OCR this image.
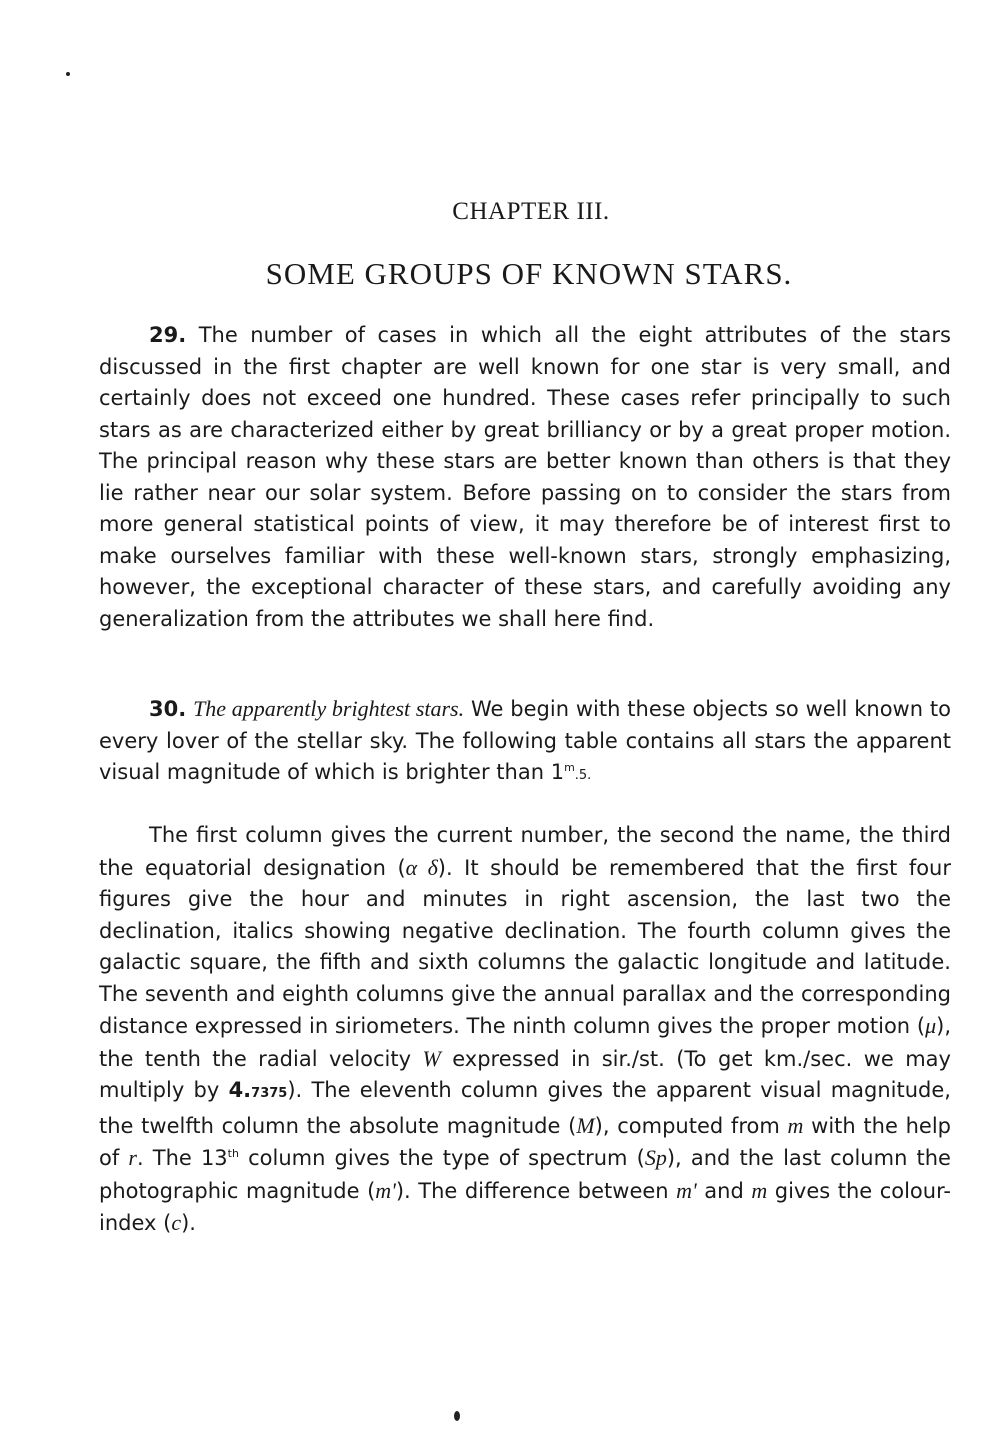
CHAPTER III.
SOME GROUPS OF KNOWN STARS.

29. The number of cases in which all the eight attributes of the stars discussed in the first chapter are well known for one star is very small, and certainly does not exceed one hundred. These cases refer principally to such stars as are characterized either by great brilliancy or by a great proper motion. The principal reason why these stars are better known than others is that they lie rather near our solar system. Before passing on to consider the stars from more general statistical points of view, it may therefore be of interest first to make ourselves familiar with these well-known stars, strongly emphasizing, however, the exceptional character of these stars, and carefully avoiding any generalization from the attributes we shall here find.

30. The apparently brightest stars. We begin with these objects so well known to every lover of the stellar sky. The following table contains all stars the apparent visual magnitude of which is brighter than 1$^m$.5.

The first column gives the current number, the second the name, the third the equatorial designation (α δ). It should be remembered that the first four figures give the hour and minutes in right ascension, the last two the declination, italics showing negative declination. The fourth column gives the galactic square, the fifth and sixth columns the galactic longitude and latitude. The seventh and eighth columns give the annual parallax and the corresponding distance expressed in siriometers. The ninth column gives the proper motion (μ), the tenth the radial velocity W expressed in sir./st. (To get km./sec. we may multiply by 4.7375). The eleventh column gives the apparent visual magnitude, the twelfth column the absolute magnitude (M), computed from m with the help of r. The 13th column gives the type of spectrum (Sp), and the last column the photographic magnitude (m'). The difference between m' and m gives the colour-index (c).
